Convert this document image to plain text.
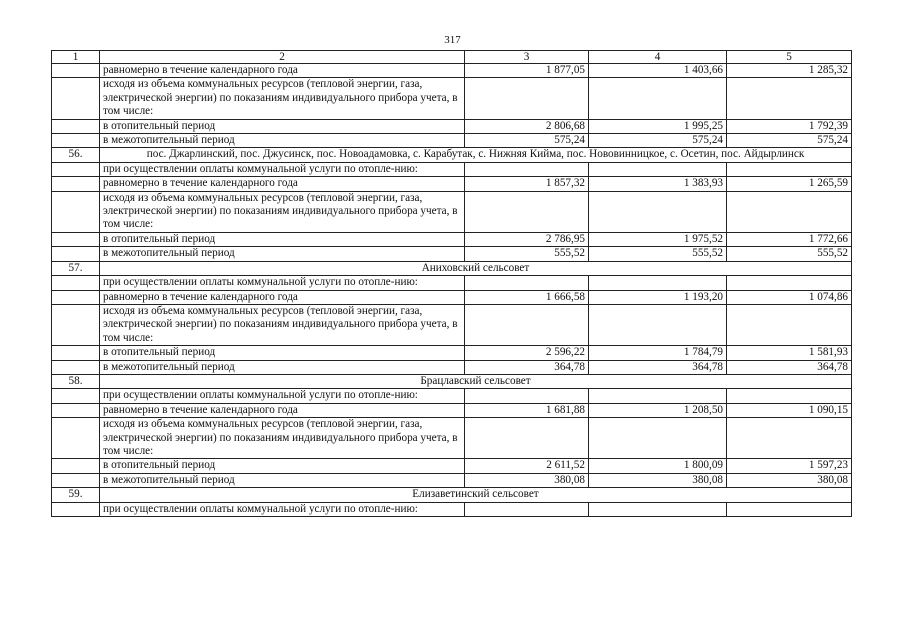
317
1	2	3	4	5
	равномерно в течение календарного года	1 877,05	1 403,66	1 285,32
	исходя из объема коммунальных ресурсов (тепловой энергии, газа, электрической энергии) по показаниям индивидуального прибора учета, в том числе:			
	в отопительный период	2 806,68	1 995,25	1 792,39
	в межотопительный период	575,24	575,24	575,24
56.	пос. Джарлинский, пос. Джусинск, пос. Новоадамовка, с. Карабутак, с. Нижняя Кийма, пос. Нововинницкое, с. Осетин, пос. Айдырлинск			
	при осуществлении оплаты коммунальной услуги по отопле-нию:			
	равномерно в течение календарного года	1 857,32	1 383,93	1 265,59
	исходя из объема коммунальных ресурсов (тепловой энергии, газа, электрической энергии) по показаниям индивидуального прибора учета, в том числе:			
	в отопительный период	2 786,95	1 975,52	1 772,66
	в межотопительный период	555,52	555,52	555,52
57.	Аниховский сельсовет			
	при осуществлении оплаты коммунальной услуги по отопле-нию:			
	равномерно в течение календарного года	1 666,58	1 193,20	1 074,86
	исходя из объема коммунальных ресурсов (тепловой энергии, газа, электрической энергии) по показаниям индивидуального прибора учета, в том числе:			
	в отопительный период	2 596,22	1 784,79	1 581,93
	в межотопительный период	364,78	364,78	364,78
58.	Брацлавский сельсовет			
	при осуществлении оплаты коммунальной услуги по отопле-нию:			
	равномерно в течение календарного года	1 681,88	1 208,50	1 090,15
	исходя из объема коммунальных ресурсов (тепловой энергии, газа, электрической энергии) по показаниям индивидуального прибора учета, в том числе:			
	в отопительный период	2 611,52	1 800,09	1 597,23
	в межотопительный период	380,08	380,08	380,08
59.	Елизаветинский сельсовет			
	при осуществлении оплаты коммунальной услуги по отопле-нию:			
